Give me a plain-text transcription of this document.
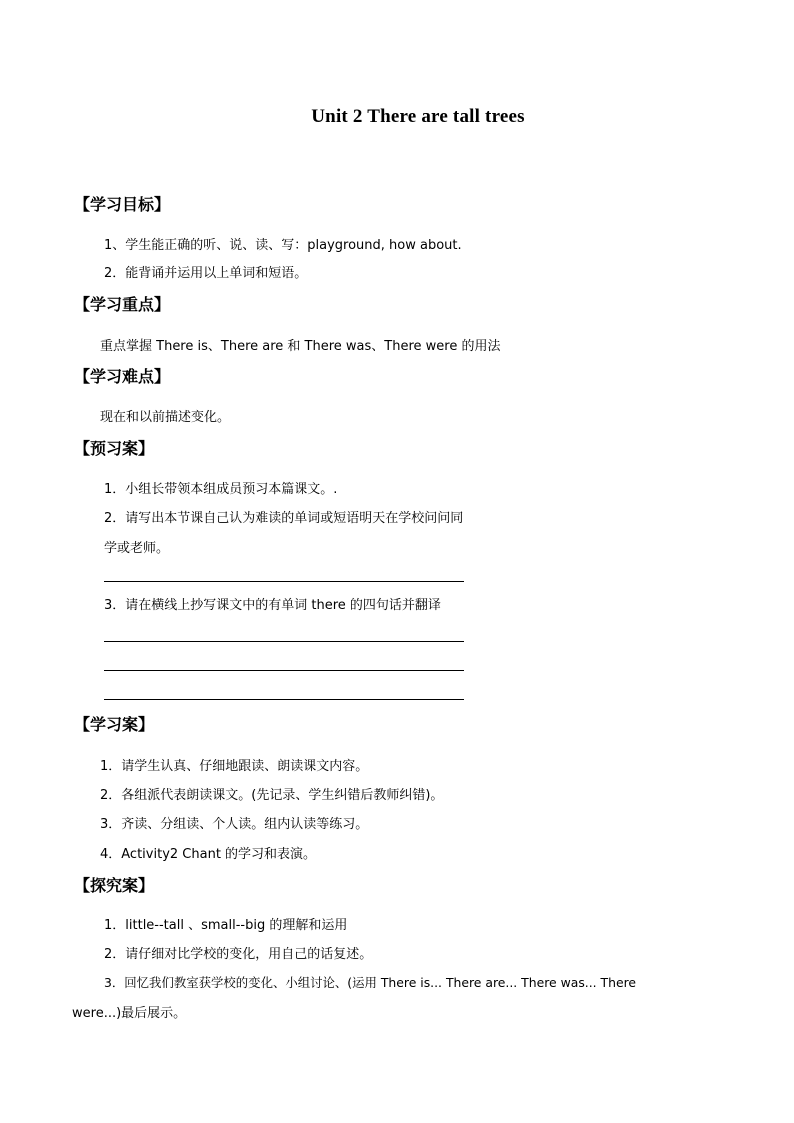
Unit 2 There are tall trees
【学习目标】
1、学生能正确的听、说、读、写：playground, how about.
2．能背诵并运用以上单词和短语。
【学习重点】
重点掌握 There is、There are 和 There was、There were 的用法
【学习难点】
现在和以前描述变化。
【预习案】
1．小组长带领本组成员预习本篇课文。.
2．请写出本节课自己认为难读的单词或短语明天在学校问问同
学或老师。
3．请在横线上抄写课文中的有单词 there 的四句话并翻译
【学习案】
1．请学生认真、仔细地跟读、朗读课文内容。
2．各组派代表朗读课文。(先记录、学生纠错后教师纠错)。
3．齐读、分组读、个人读。组内认读等练习。
4．Activity2 Chant 的学习和表演。
【探究案】
1．little--tall 、small--big 的理解和运用
2．请仔细对比学校的变化，用自己的话复述。
3．回忆我们教室获学校的变化、小组讨论、(运用 There is... There are... There was... There
were...)最后展示。
